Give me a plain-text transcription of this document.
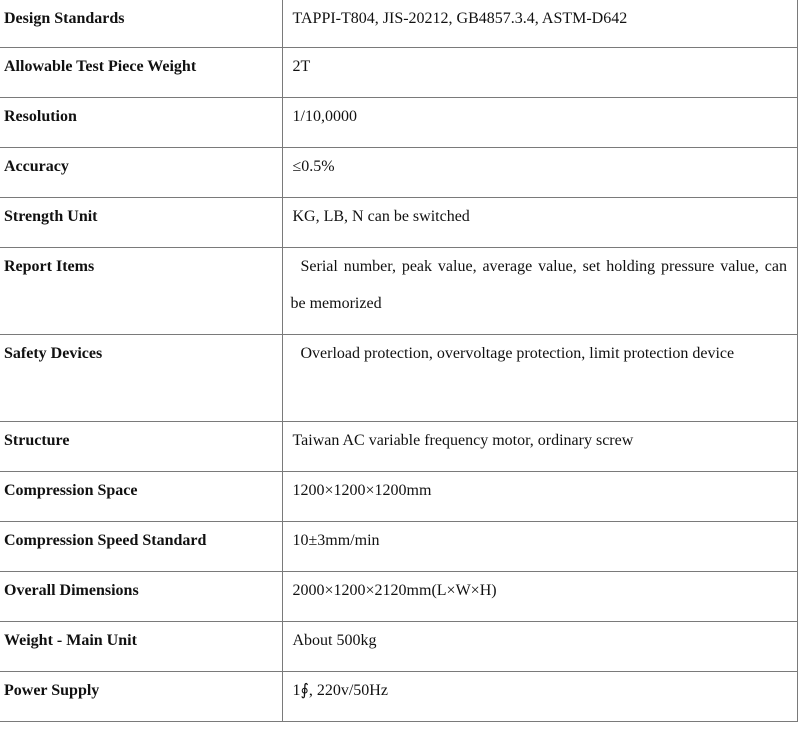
Design Standards	TAPPI-T804, JIS-20212, GB4857.3.4, ASTM-D642

Allowable Test Piece Weight	2T

Resolution	1/10,0000

Accuracy	≤0.5%

Strength Unit	KG, LB, N can be switched

Report Items	Serial number, peak value, average value, set holding pressure value, can be memorized

Safety Devices	Overload protection, overvoltage protection, limit protection device

Structure	Taiwan AC variable frequency motor, ordinary screw

Compression Space	1200×1200×1200mm

Compression Speed Standard	10±3mm/min

Overall Dimensions	2000×1200×2120mm(L×W×H)

Weight - Main Unit	About 500kg

Power Supply	1∮, 220v/50Hz
